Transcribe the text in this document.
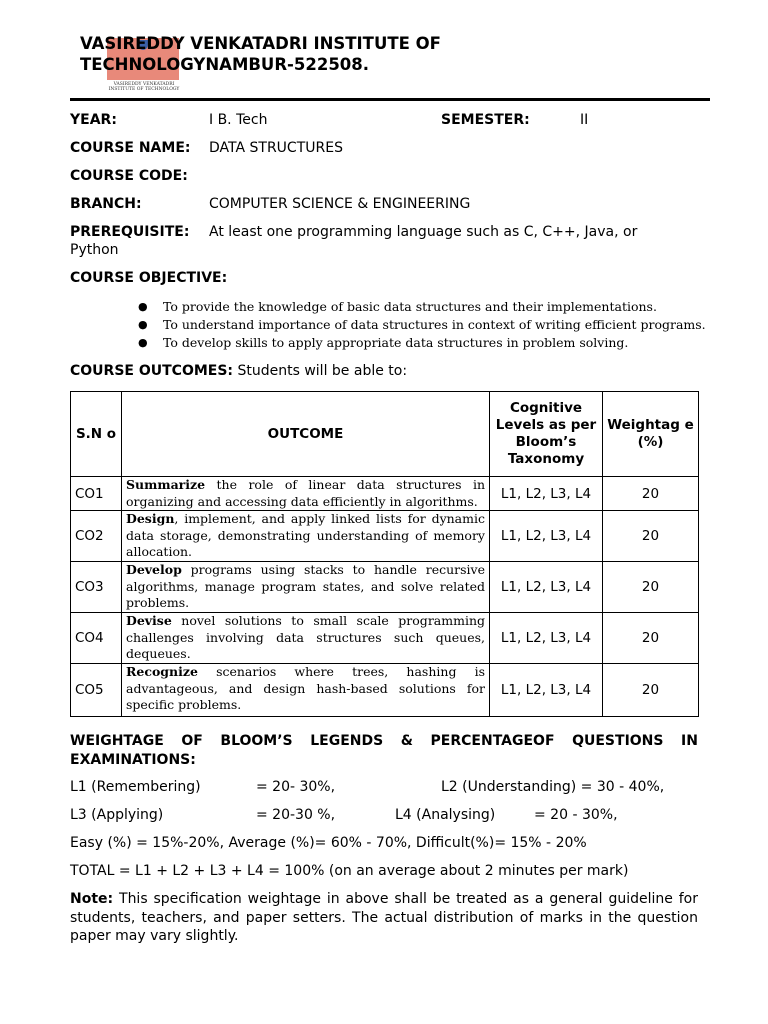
VASIREDDY VENKATADRI INSTITUTE OF TECHNOLOGY
VASIREDDY VENKATADRI INSTITUTE OF TECHNOLOGYNAMBUR-522508.
YEAR:	I B. Tech	SEMESTER:	II
COURSE NAME: DATA STRUCTURES
COURSE CODE:
BRANCH:	COMPUTER SCIENCE & ENGINEERING
PREREQUISITE: At least one programming language such as C, C++, Java, or
Python
COURSE OBJECTIVE:
● To provide the knowledge of basic data structures and their implementations.
● To understand importance of data structures in context of writing efficient programs.
● To develop skills to apply appropriate data structures in problem solving.
COURSE OUTCOMES: Students will be able to:
S.N o	OUTCOME	Cognitive Levels as per Bloom’s Taxonomy	Weightag e (%)
CO1	Summarize the role of linear data structures in organizing and accessing data efficiently in algorithms.	L1, L2, L3, L4	20
CO2	Design, implement, and apply linked lists for dynamic data storage, demonstrating understanding of memory allocation.	L1, L2, L3, L4	20
CO3	Develop programs using stacks to handle recursive algorithms, manage program states, and solve related problems.	L1, L2, L3, L4	20
CO4	Devise novel solutions to small scale programming challenges involving data structures such queues, dequeues.	L1, L2, L3, L4	20
CO5	Recognize scenarios where trees, hashing is advantageous, and design hash-based solutions for specific problems.	L1, L2, L3, L4	20
WEIGHTAGE OF BLOOM’S LEGENDS & PERCENTAGEOF QUESTIONS IN EXAMINATIONS:
L1 (Remembering)	= 20- 30%,	L2 (Understanding) = 30 - 40%,
L3 (Applying)	= 20-30 %,	L4 (Analysing)	= 20 - 30%,
Easy (%) = 15%-20%, Average (%)= 60% - 70%, Difficult(%)= 15% - 20%
TOTAL = L1 + L2 + L3 + L4 = 100% (on an average about 2 minutes per mark)
Note: This specification weightage in above shall be treated as a general guideline for students, teachers, and paper setters. The actual distribution of marks in the question paper may vary slightly.
